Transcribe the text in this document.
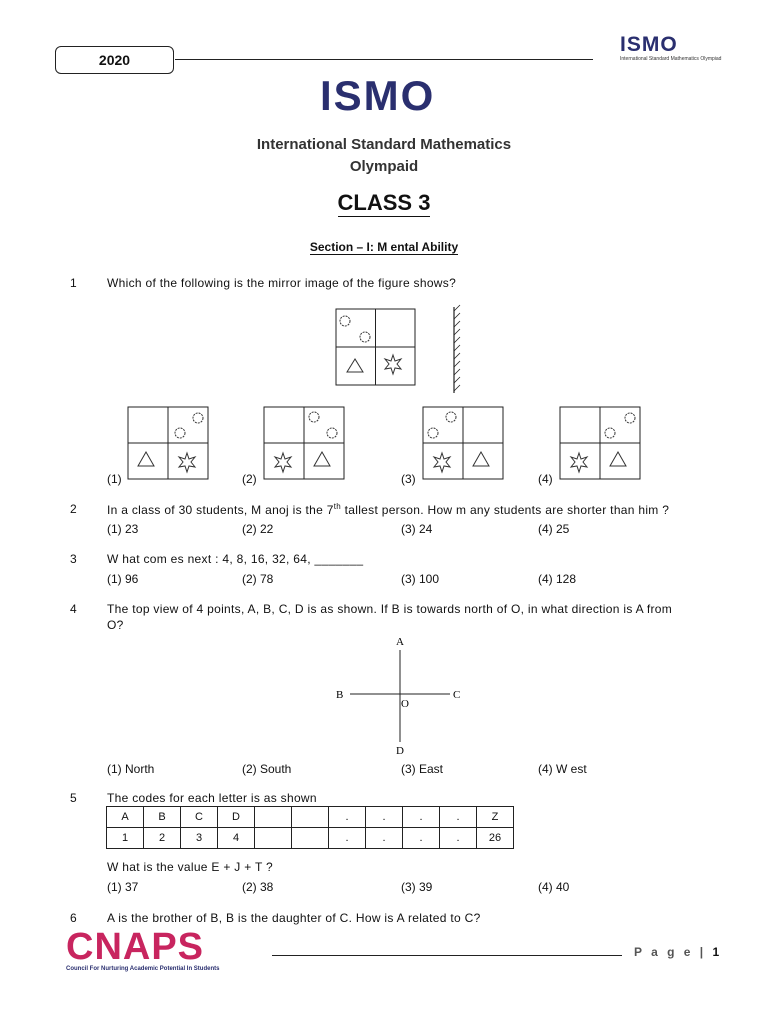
2020
ISMO
International Standard Mathematics Olympiad
ISMO
International Standard Mathematics
Olympaid
CLASS 3
Section – I: M ental Ability
1	Which of the following is the mirror image of the figure shows?
(1)	(2)	(3)	(4)
2	In a class of 30 students, M anoj is the 7th tallest person. How m any students are shorter than him ?
(1) 23	(2) 22	(3) 24	(4) 25
3	W hat com es next : 4, 8, 16, 32, 64, _______
(1) 96	(2) 78	(3) 100	(4) 128
4	The top view of 4 points, A, B, C, D is as shown. If B is towards north of O, in what direction is A from
O?
A
B	C
D
O
(1) North	(2) South	(3) East	(4) W est
5	The codes for each letter is as shown
A	B	C	D			.	.	.	.	Z
1	2	3	4			.	.	.	.	26
W hat is the value E + J + T ?
(1) 37	(2) 38	(3) 39	(4) 40
6	A is the brother of B, B is the daughter of C. How is A related to C?
CNAPS
Council For Nurturing Academic Potential In Students
P a g e | 1
